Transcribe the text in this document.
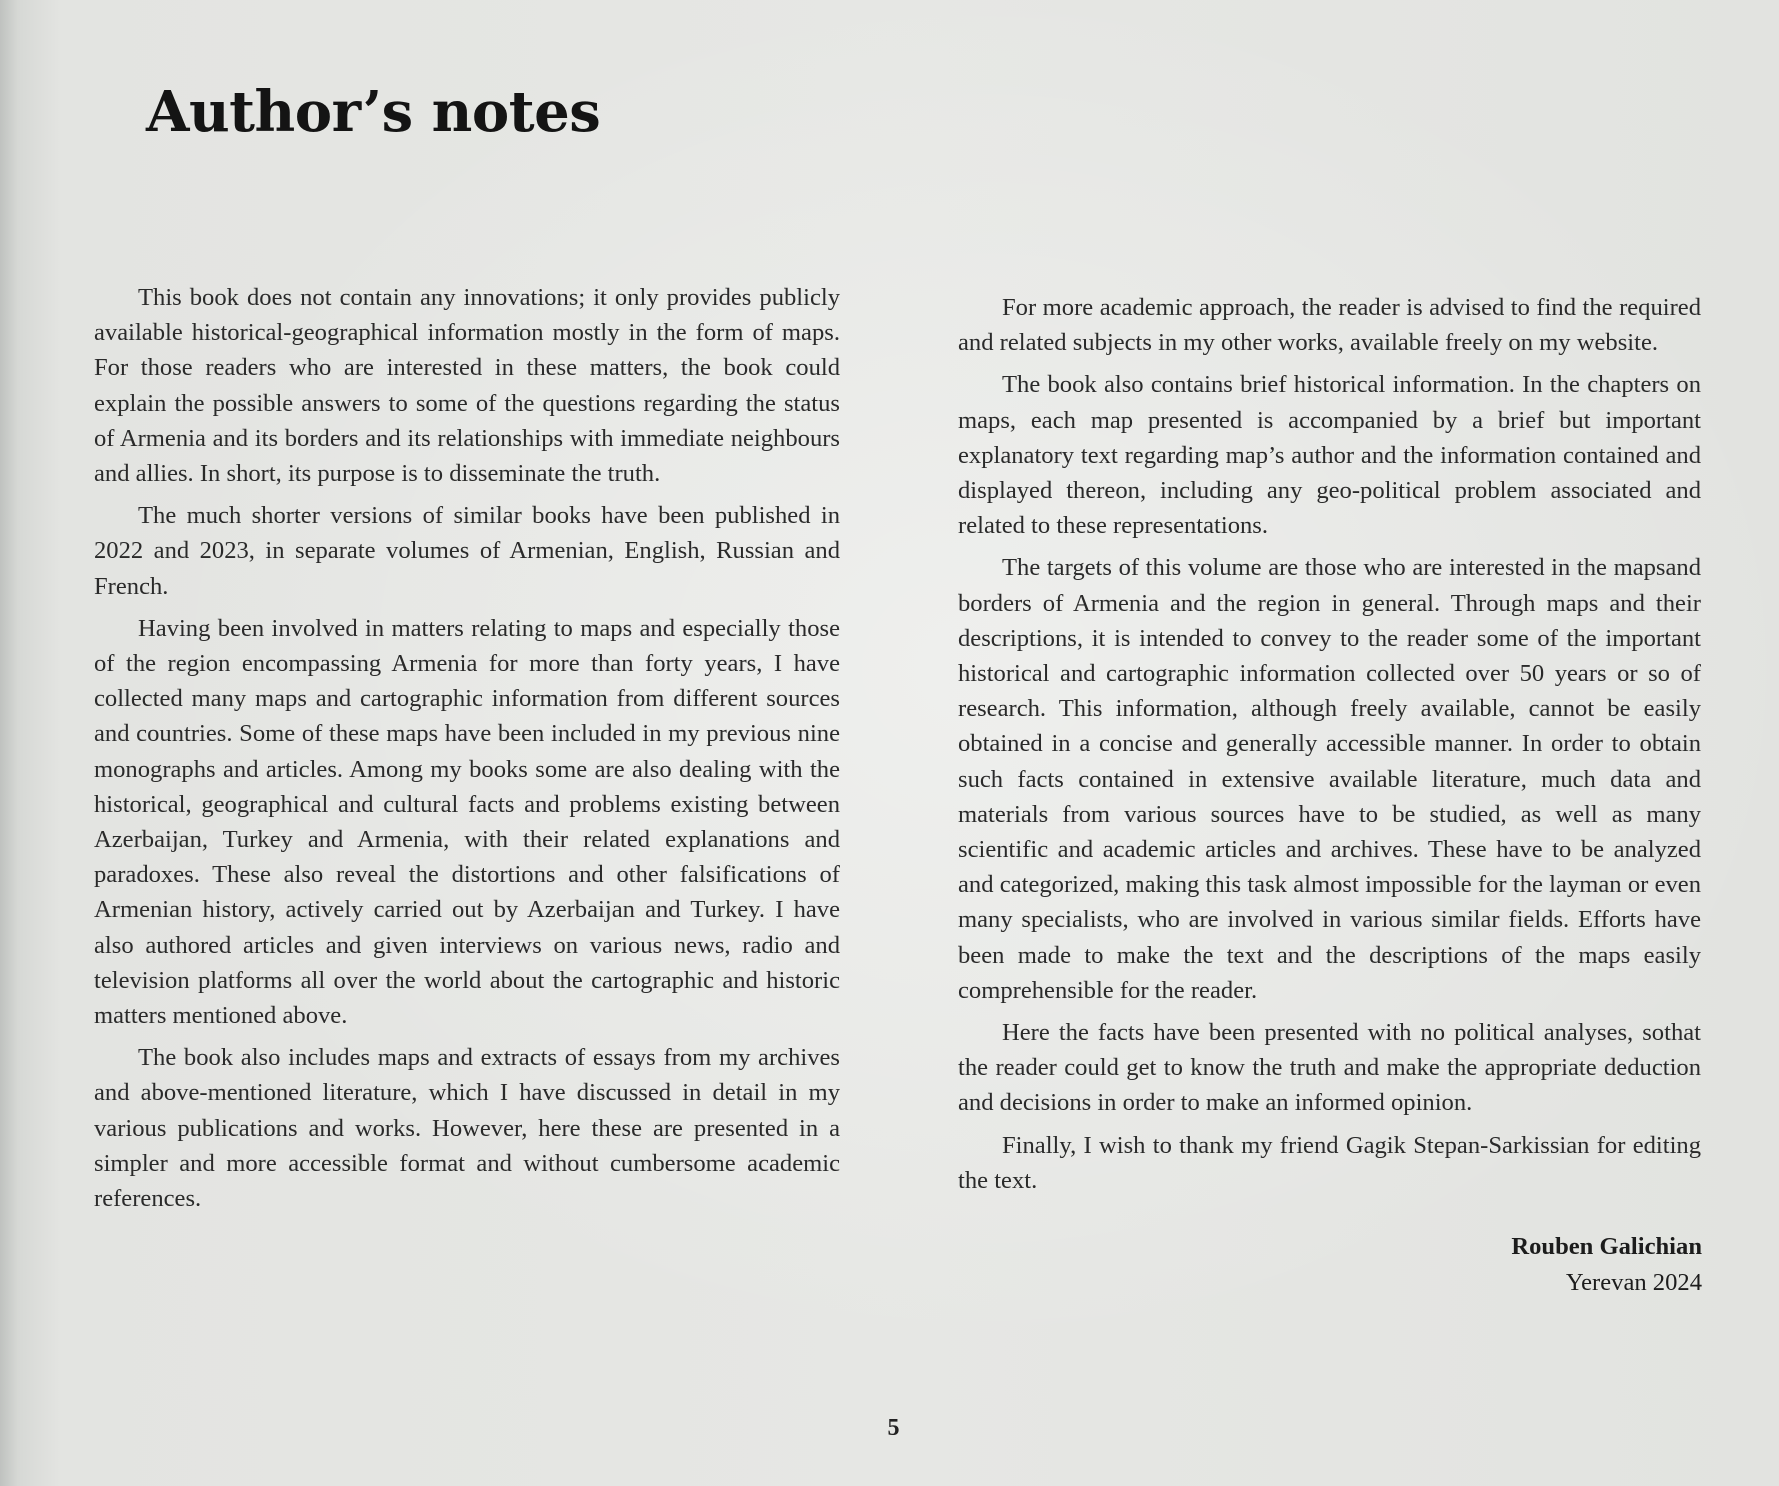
Author’s notes

This book does not contain any innovations; it only provides publicly available historical-geographical information mostly in the form of maps. For those readers who are interested in these matters, the book could explain the possible answers to some of the questions regarding the status of Armenia and its borders and its relationships with immediate neighbours and allies. In short, its purpose is to disseminate the truth.

The much shorter versions of similar books have been published in 2022 and 2023, in separate volumes of Armenian, English, Russian and French.

Having been involved in matters relating to maps and especially those of the region encompassing Armenia for more than forty years, I have collected many maps and cartographic information from different sources and countries. Some of these maps have been included in my previous nine monographs and articles. Among my books some are also dealing with the historical, geographical and cultural facts and problems existing between Azerbaijan, Turkey and Armenia, with their related explanations and paradoxes. These also reveal the distortions and other falsifications of Armenian history, actively carried out by Azerbaijan and Turkey. I have also authored articles and given interviews on various news, radio and television platforms all over the world about the cartographic and historic matters mentioned above.

The book also includes maps and extracts of essays from my archives and above-mentioned literature, which I have discussed in detail in my various publications and works. However, here these are presented in a simpler and more accessible format and without cumbersome academic references.

For more academic approach, the reader is advised to find the required and related subjects in my other works, available freely on my website.

The book also contains brief historical information. In the chapters on maps, each map presented is accompanied by a brief but important explanatory text regarding map’s author and the information contained and displayed thereon, including any geo-political problem associated and related to these representations.

The targets of this volume are those who are interested in the mapsand borders of Armenia and the region in general. Through maps and their descriptions, it is intended to convey to the reader some of the important historical and cartographic information collected over 50 years or so of research. This information, although freely available, cannot be easily obtained in a concise and generally accessible manner. In order to obtain such facts contained in extensive available literature, much data and materials from various sources have to be studied, as well as many scientific and academic articles and archives. These have to be analyzed and categorized, making this task almost impossible for the layman or even many specialists, who are involved in various similar fields. Efforts have been made to make the text and the descriptions of the maps easily comprehensible for the reader.

Here the facts have been presented with no political analyses, sothat the reader could get to know the truth and make the appropriate deduction and decisions in order to make an informed opinion.

Finally, I wish to thank my friend Gagik Stepan-Sarkissian for editing the text.

Rouben Galichian
Yerevan 2024
5
